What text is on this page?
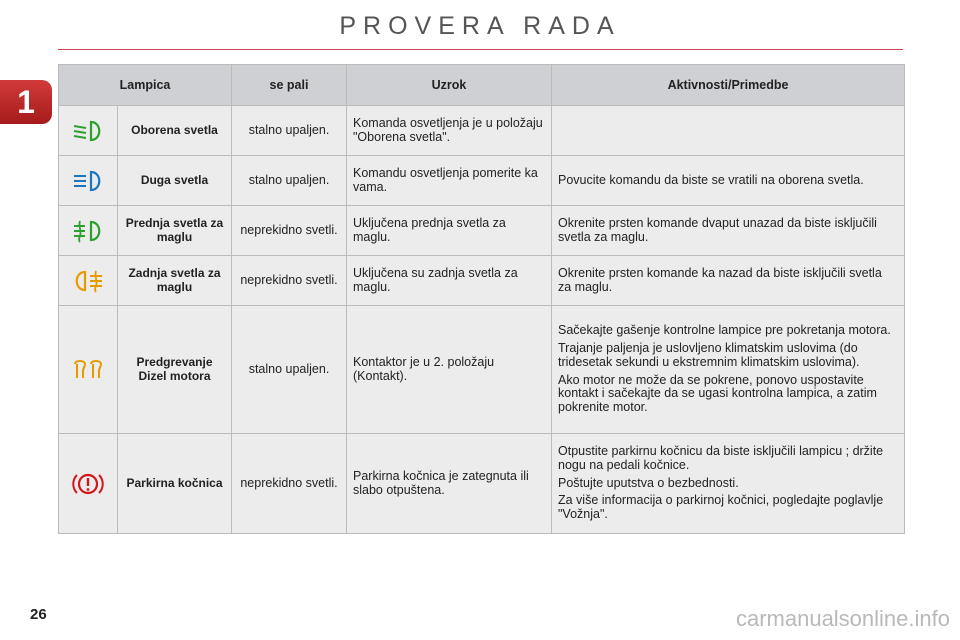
PROVERA RADA
1	Lampica		se pali	Uzrok	Aktivnosti/Primedbe

	Oborena svetla	stalno upaljen.	Komanda osvetljenja je u položaju "Oborena svetla".	

	Duga svetla	stalno upaljen.	Komandu osvetljenja pomerite ka vama.	Povucite komandu da biste se vratili na oborena svetla.

	Prednja svetla za maglu	neprekidno svetli.	Uključena prednja svetla za maglu.	Okrenite prsten komande dvaput unazad da biste isključili svetla za maglu.

	Zadnja svetla za maglu	neprekidno svetli.	Uključena su zadnja svetla za maglu.	Okrenite prsten komande ka nazad da biste isključili svetla za maglu.

	Predgrevanje Dizel motora	stalno upaljen.	Kontaktor je u 2. položaju (Kontakt).	Sačekajte gašenje kontrolne lampice pre pokretanja motora.

Trajanje paljenja je uslovljeno klimatskim uslovima (do tridesetak sekundi u ekstremnim klimatskim uslovima).

Ako motor ne može da se pokrene, ponovo uspostavite kontakt i sačekajte da se ugasi kontrolna lampica, a zatim pokrenite motor.

	Parkirna kočnica	neprekidno svetli.	Parkirna kočnica je zategnuta ili slabo otpuštena.	Otpustite parkirnu kočnicu da biste isključili lampicu ; držite nogu na pedali kočnice.

Poštujte uputstva o bezbednosti.

Za više informacija o parkirnoj kočnici, pogledajte poglavlje "Vožnja".

26	carmanualsonline.info
